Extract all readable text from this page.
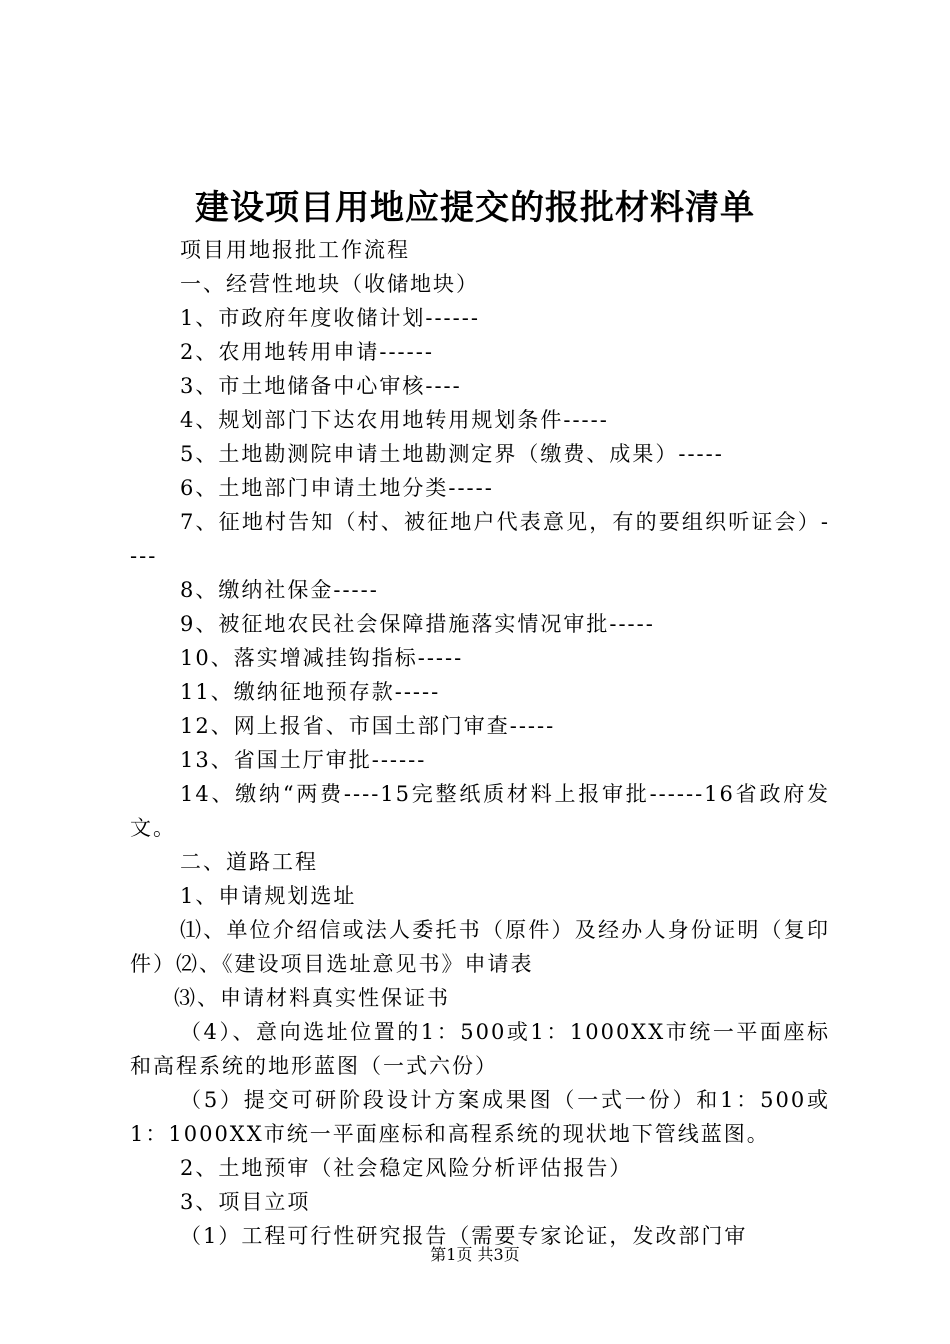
建设项目用地应提交的报批材料清单

项目用地报批工作流程

一、经营性地块（收储地块）

1、市政府年度收储计划------

2、农用地转用申请------

3、市土地储备中心审核----

4、规划部门下达农用地转用规划条件-----

5、土地勘测院申请土地勘测定界（缴费、成果）-----

6、土地部门申请土地分类-----

7、征地村告知（村、被征地户代表意见，有的要组织听证会）----

8、缴纳社保金-----

9、被征地农民社会保障措施落实情况审批-----

10、落实增减挂钩指标-----

11、缴纳征地预存款-----

12、网上报省、市国土部门审查-----

13、省国土厅审批------

14、缴纳“两费----15完整纸质材料上报审批------16省政府发文。

二、道路工程

1、申请规划选址

⑴、单位介绍信或法人委托书（原件）及经办人身份证明（复印件）⑵、《建设项目选址意见书》申请表

⑶、申请材料真实性保证书

（4）、意向选址位置的1：500或1：1000XX市统一平面座标和高程系统的地形蓝图（一式六份）

（5）提交可研阶段设计方案成果图（一式一份）和1：500或1：1000XX市统一平面座标和高程系统的现状地下管线蓝图。

2、土地预审（社会稳定风险分析评估报告）

3、项目立项

（1）工程可行性研究报告（需要专家论证，发改部门审

第1页 共3页
